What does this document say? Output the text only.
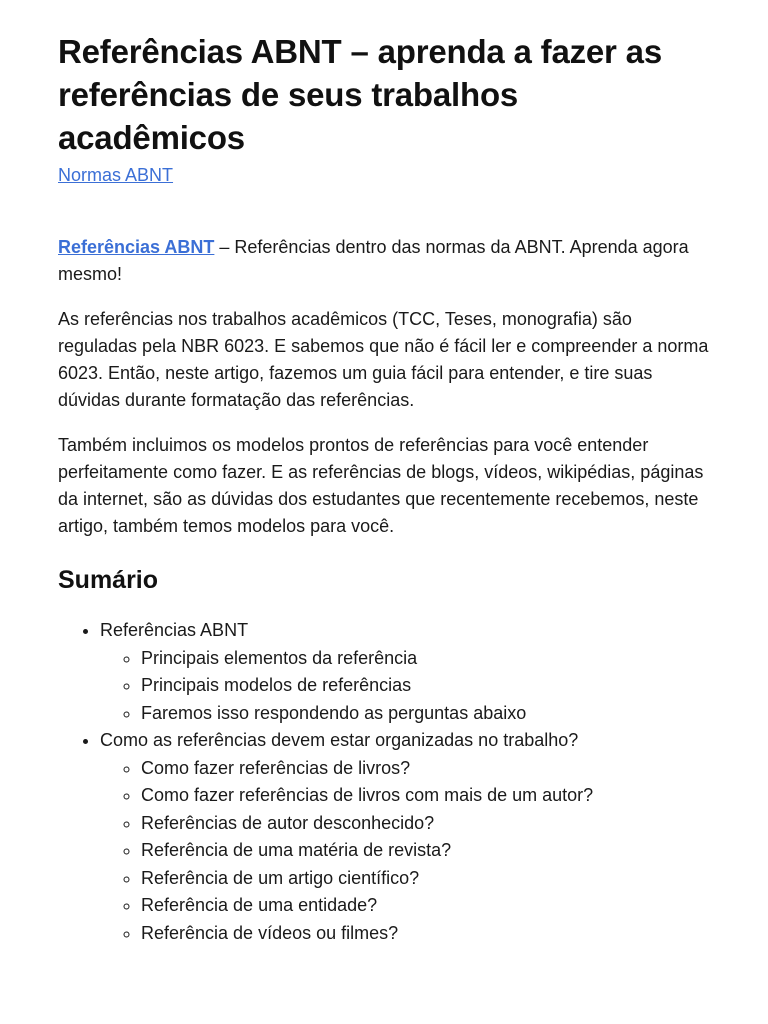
Referências ABNT – aprenda a fazer as referências de seus trabalhos acadêmicos
Normas ABNT

Referências ABNT – Referências dentro das normas da ABNT. Aprenda agora mesmo!

As referências nos trabalhos acadêmicos (TCC, Teses, monografia) são reguladas pela NBR 6023. E sabemos que não é fácil ler e compreender a norma 6023. Então, neste artigo, fazemos um guia fácil para entender, e tire suas dúvidas durante formatação das referências.

Também incluimos os modelos prontos de referências para você entender perfeitamente como fazer. E as referências de blogs, vídeos, wikipédias, páginas da internet, são as dúvidas dos estudantes que recentemente recebemos, neste artigo, também temos modelos para você.

Sumário
• Referências ABNT
◦ Principais elementos da referência
◦ Principais modelos de referências
◦ Faremos isso respondendo as perguntas abaixo
• Como as referências devem estar organizadas no trabalho?
◦ Como fazer referências de livros?
◦ Como fazer referências de livros com mais de um autor?
◦ Referências de autor desconhecido?
◦ Referência de uma matéria de revista?
◦ Referência de um artigo científico?
◦ Referência de uma entidade?
◦ Referência de vídeos ou filmes?
